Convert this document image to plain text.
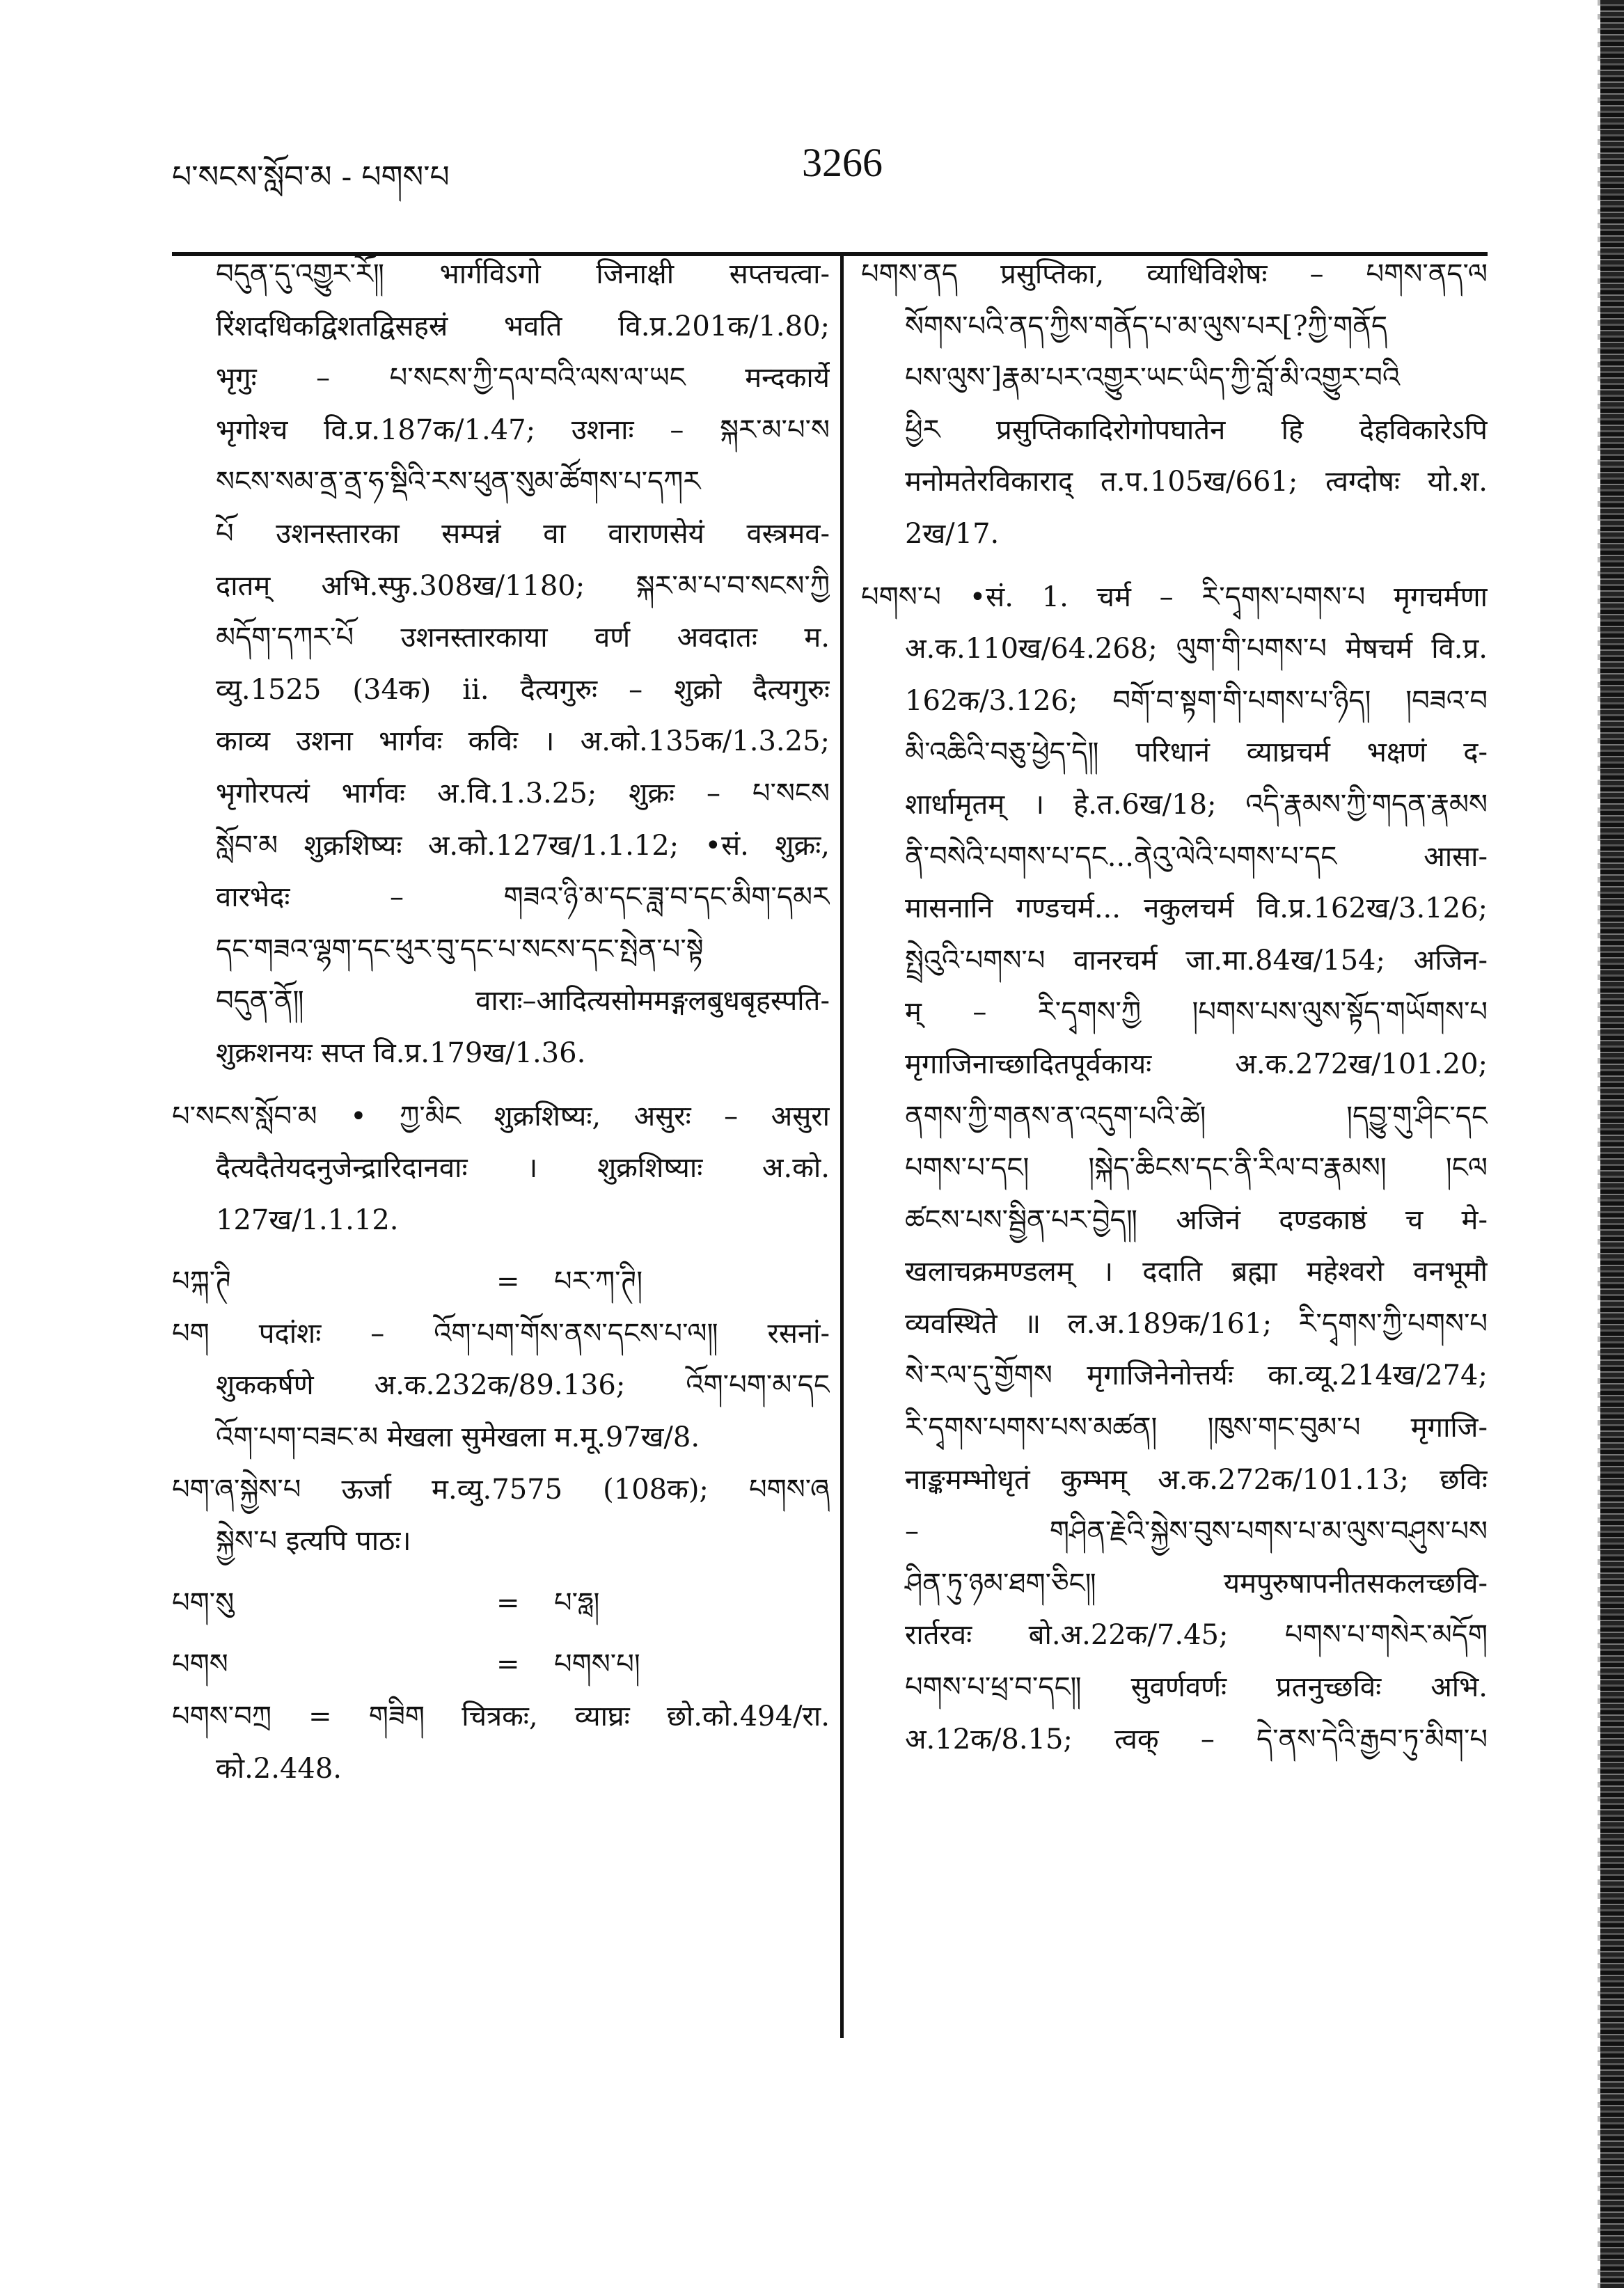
པ་སངས་སློབ་མ - པགས་པ	3266
བདུན་དུ་འགྱུར་རོ༎ भार्गविऽगो जिनाक्षी सप्तचत्वा-
रिंशदधिकद्विशतद्विसहस्रं भवति वि.प्र.201क/1.80;
भृगुः – པ་སངས་ཀྱི་དལ་བའི་ལས་ལ་ཡང मन्दकार्ये
भृगोश्च वि.प्र.187क/1.47; उशनाः – སྐར་མ་པ་ས
སངས་སམ་ནྲ་ནྲ་ཧ་སྡིའི་རས་ཕུན་སུམ་ཚོགས་པ་དཀར
པོ उशनस्तारका सम्पन्नं वा वाराणसेयं वस्त्रमव-
दातम् अभि.स्फु.308ख/1180; སྐར་མ་པ་བ་སངས་ཀྱི
མདོག་དཀར་པོ उशनस्तारकाया वर्ण अवदातः म.
व्यु.1525 (34क) ii. दैत्यगुरुः – शुक्रो दैत्यगुरुः
काव्य उशना भार्गवः कविः । अ.को.135क/1.3.25;
भृगोरपत्यं भार्गवः अ.वि.1.3.25; शुक्रः – པ་སངས
སློབ་མ शुक्रशिष्यः अ.को.127ख/1.1.12; •सं. शुक्रः,
वारभेदः – གཟའ་ཉི་མ་དང་ཟླ་བ་དང་མིག་དམར
དང་གཟའ་ལྷག་དང་ཕུར་བུ་དང་པ་སངས་དང་སྤེན་པ་སྟེ
བདུན་ནོ༎ वाराः–आदित्यसोममङ्गलबुधबृहस्पति-
शुक्रशनयः सप्त वि.प्र.179ख/1.36.
པ་སངས་སློབ་མ • ཀྱ་མིང शुक्रशिष्यः, असुरः – असुरा
दैत्यदैतेयदनुजेन्द्रारिदानवाः । शुक्रशिष्याः अ.को.
127ख/1.1.12.
པཀྐ་ཊི	=	པར་ཀ་ཊི།
པག पदांशः – འོག་པག་གོས་ནས་དངས་པ་ལ༎ रसनां-
शुककर्षणे अ.क.232क/89.136; འོག་པག་མ་དང
འོག་པག་བཟང་མ मेखला सुमेखला म.मू.97ख/8.
པག་ཞ་སྐྱེས་པ ऊर्जा म.व्यु.7575 (108क); པགས་ཞ
སྐྱེས་པ इत्यपि पाठः।
པག་སུ	=	པ་ཧླ།
པགས	=	པགས་པ།
པགས་བཀྲ = གཟིག चित्रकः, व्याघ्रः छो.को.494/रा.
को.2.448.
པགས་ནད प्रसुप्तिका, व्याधिविशेषः – པགས་ནད་ལ
སོགས་པའི་ནད་ཀྱིས་གནོད་པ་མ་ལུས་པར[?ཀྱི་གནོད
པས་ལུས་]རྣམ་པར་འགྱུར་ཡང་ཡིད་ཀྱི་བློ་མི་འགྱུར་བའི
ཕྱིར प्रसुप्तिकादिरोगोपघातेन हि देहविकारेऽपि
मनोमतेरविकाराद् त.प.105ख/661; त्वग्दोषः यो.श.
2ख/17.
པགས་པ •सं. 1. चर्म – རི་དྭགས་པགས་པ मृगचर्मणा
अ.क.110ख/64.268; ལུག་གི་པགས་པ मेषचर्म वि.प्र.
162क/3.126; བགོ་བ་སྟག་གི་པགས་པ་ཉིད། །བཟའ་བ
མི་འཆིའི་བཅུ་ཕྱེད་དེ༎ परिधानं व्याघ्रचर्म भक्षणं द-
शार्धामृतम् । हे.त.6ख/18; འདི་རྣམས་ཀྱི་གདན་རྣམས
ནི་བསེའི་པགས་པ་དང...ནེའུ་ལེའི་པགས་པ་དང आसा-
मासनानि गण्डचर्म... नकुलचर्म वि.प्र.162ख/3.126;
སྤྲེའུའི་པགས་པ वानरचर्म जा.मा.84ख/154; अजिन-
म् – རི་དྭགས་ཀྱི །པགས་པས་ལུས་སྟོད་གཡོགས་པ
मृगाजिनाच्छादितपूर्वकायः अ.क.272ख/101.20;
ནགས་ཀྱི་གནས་ན་འདུག་པའི་ཚེ། །དབྱུ་གུ་ཤིང་དང
པགས་པ་དང། །སྐེད་ཆིངས་དང་ནི་རིལ་བ་རྣམས། །ངལ
ཚངས་པས་སྦྱིན་པར་བྱེད༎ अजिनं दण्डकाष्ठं च मे-
खलाचक्रमण्डलम् । ददाति ब्रह्मा महेश्वरो वनभूमौ
व्यवस्थिते ॥ ल.अ.189क/161; རི་དྭགས་ཀྱི་པགས་པ
སེ་རལ་དུ་གྱོགས मृगाजिनेनोत्तर्यः का.व्यू.214ख/274;
རི་དྭགས་པགས་པས་མཚན། །ཁུས་གང་བུམ་པ मृगाजि-
नाङ्कमम्भोधृतं कुम्भम् अ.क.272क/101.13; छविः
– གཤིན་རྗེའི་སྐྱེས་བུས་པགས་པ་མ་ལུས་བཤུས་པས
ཤིན་ཏུ་ཉམ་ཐག་ཅིང༎ यमपुरुषापनीतसकलच्छवि-
रार्तरवः बो.अ.22क/7.45; པགས་པ་གསེར་མདོག
པགས་པ་ཕྲ་བ་དང༎ सुवर्णवर्णः प्रतनुच्छविः अभि.
अ.12क/8.15; त्वक् – དེ་ནས་དེའི་རྒྱབ་ཏུ་མིག་པ
